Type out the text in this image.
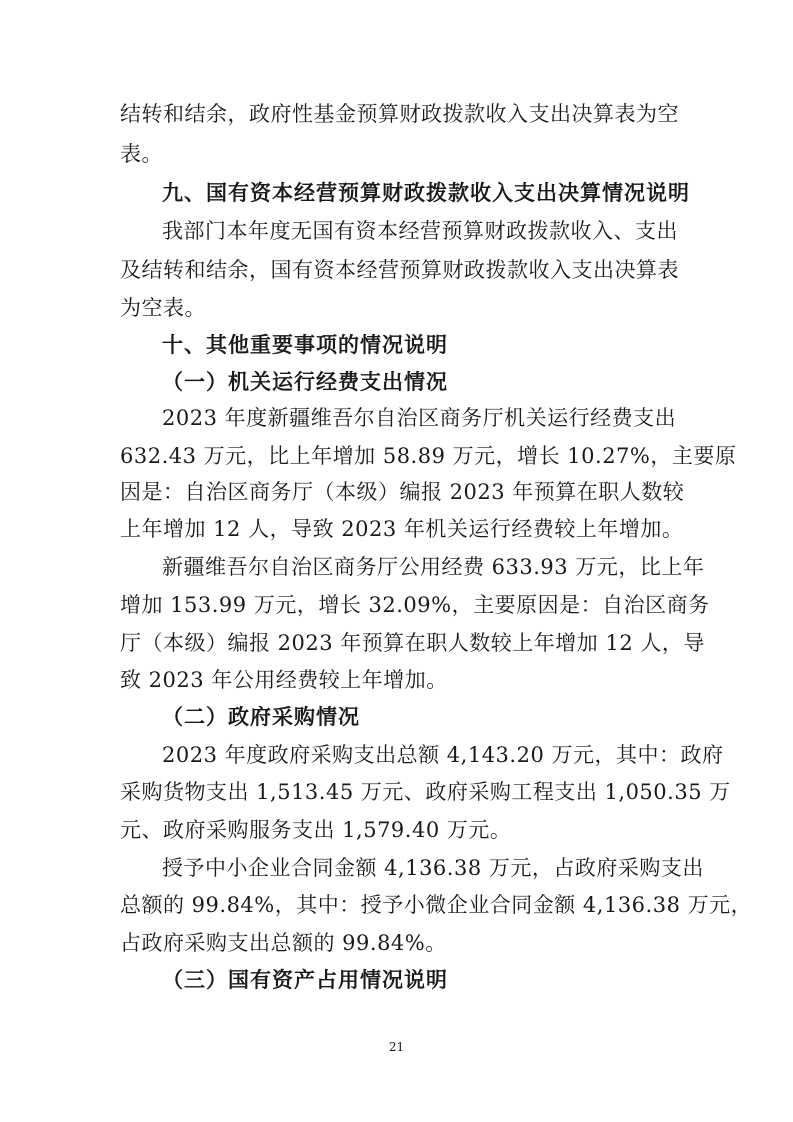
结转和结余，政府性基金预算财政拨款收入支出决算表为空
表。
九、国有资本经营预算财政拨款收入支出决算情况说明
我部门本年度无国有资本经营预算财政拨款收入、支出
及结转和结余，国有资本经营预算财政拨款收入支出决算表
为空表。
十、其他重要事项的情况说明
（一）机关运行经费支出情况
2023 年度新疆维吾尔自治区商务厅机关运行经费支出
632.43 万元，比上年增加 58.89 万元，增长 10.27%，主要原
因是：自治区商务厅（本级）编报 2023 年预算在职人数较
上年增加 12 人，导致 2023 年机关运行经费较上年增加。
新疆维吾尔自治区商务厅公用经费 633.93 万元，比上年
增加 153.99 万元，增长 32.09%，主要原因是：自治区商务
厅（本级）编报 2023 年预算在职人数较上年增加 12 人，导
致 2023 年公用经费较上年增加。
（二）政府采购情况
2023 年度政府采购支出总额 4,143.20 万元，其中：政府
采购货物支出 1,513.45 万元、政府采购工程支出 1,050.35 万
元、政府采购服务支出 1,579.40 万元。
授予中小企业合同金额 4,136.38 万元，占政府采购支出
总额的 99.84%，其中：授予小微企业合同金额 4,136.38 万元，
占政府采购支出总额的 99.84%。
（三）国有资产占用情况说明
21
